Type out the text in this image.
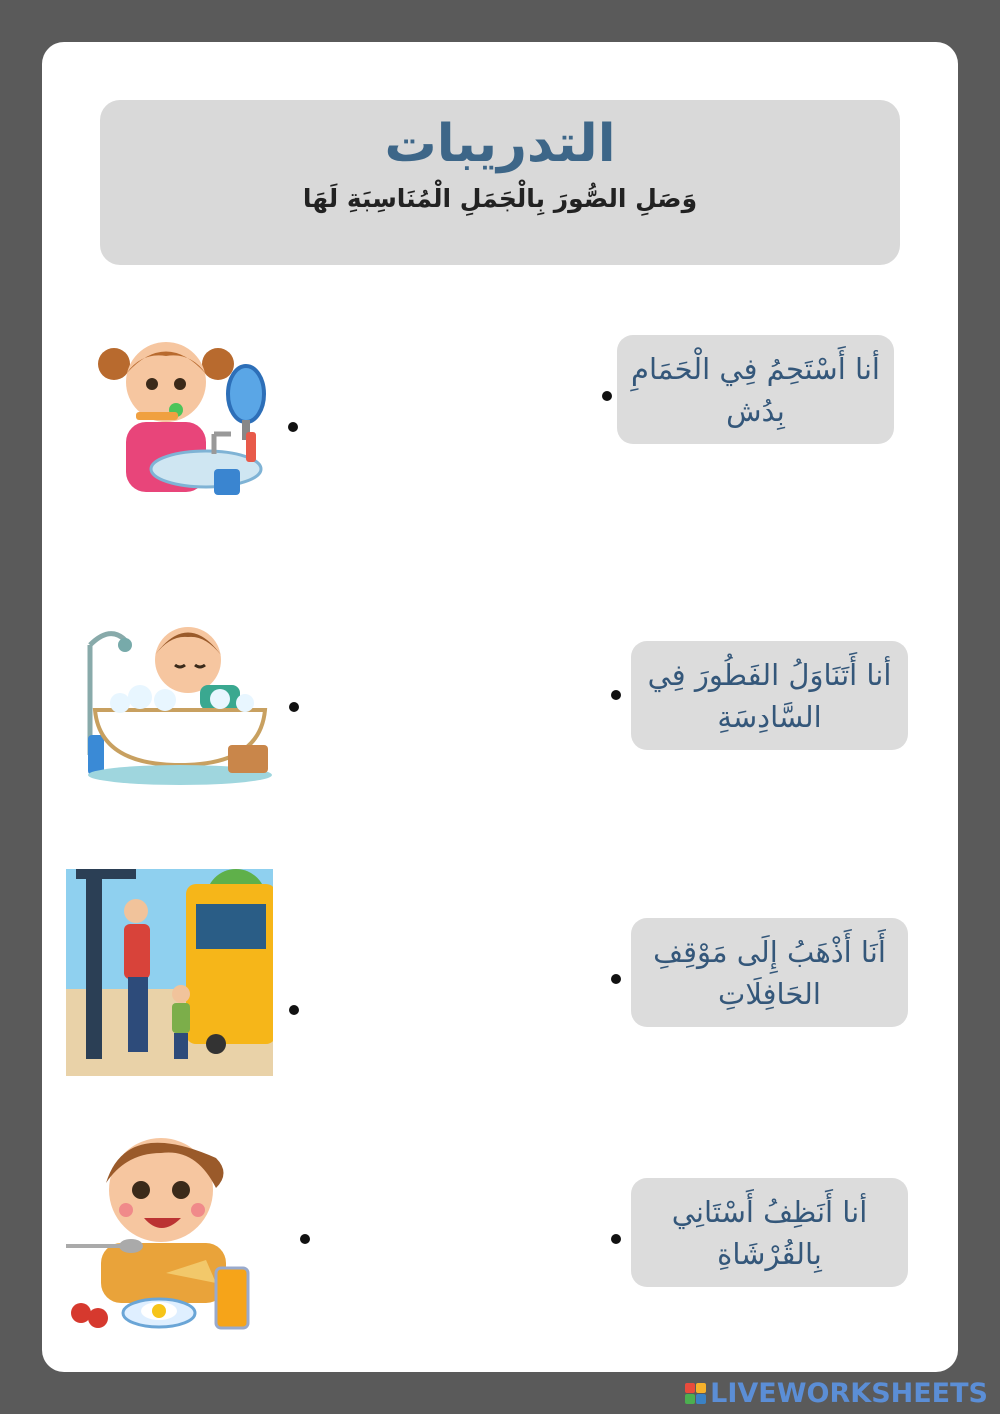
التدريبات
وَصَلِ الصُّورَ بِالْجَمَلِ الْمُنَاسِبَةِ لَهَا
أنا أَسْتَحِمُ فِي الْحَمَامِ بِدُش
أنا أَتَنَاوَلُ الفَطُورَ فِي السَّادِسَةِ
أَنَا أَذْهَبُ إِلَى مَوْقِفِ الحَافِلَاتِ
أنا أَنَظِفُ أَسْتَانِي بِالقُرْشَاةِ
LIVEWORKSHEETS
